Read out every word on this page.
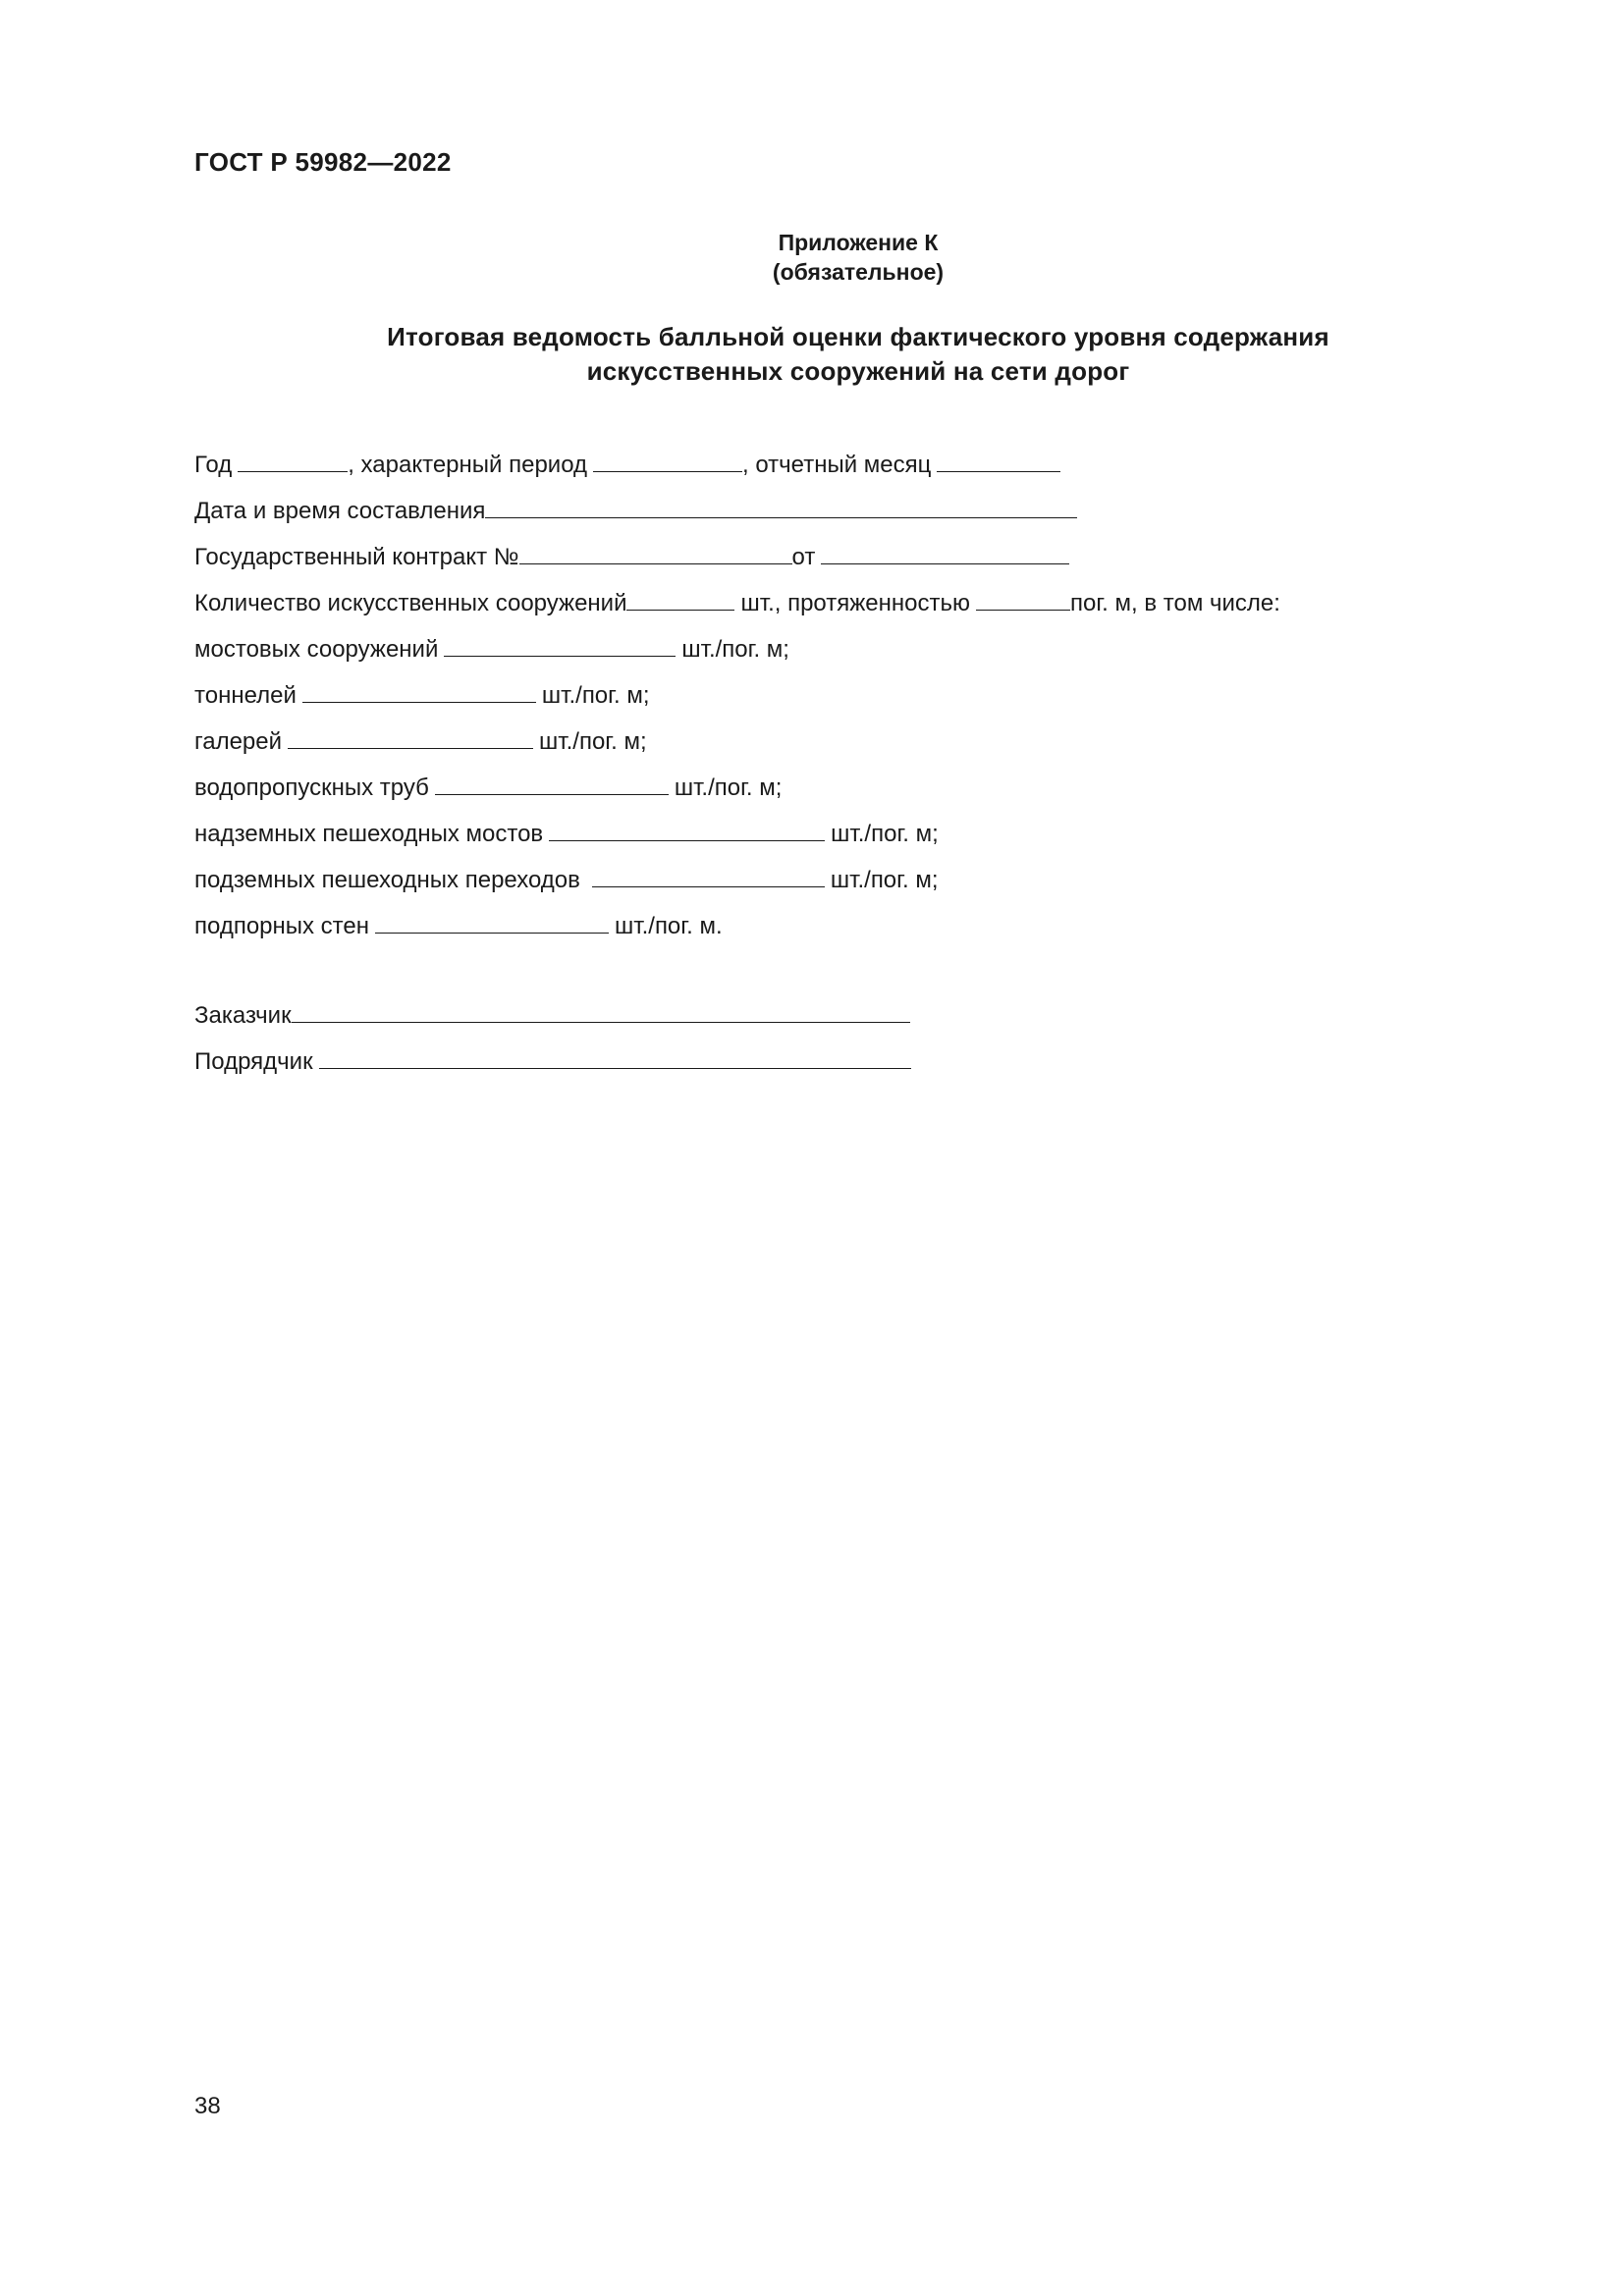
ГОСТ Р 59982—2022
Приложение К
(обязательное)
Итоговая ведомость балльной оценки фактического уровня содержания
искусственных сооружений на сети дорог
Год	, характерный период	, отчетный месяц
Дата и время составления
Государственный контракт №	от
Количество искусственных сооружений	шт., протяженностью	пог. м, в том числе:
мостовых сооружений	шт./пог. м;
тоннелей	шт./пог. м;
галерей	шт./пог. м;
водопропускных труб	шт./пог. м;
надземных пешеходных мостов	шт./пог. м;
подземных пешеходных переходов	шт./пог. м;
подпорных стен	шт./пог. м.
Заказчик
Подрядчик
38
